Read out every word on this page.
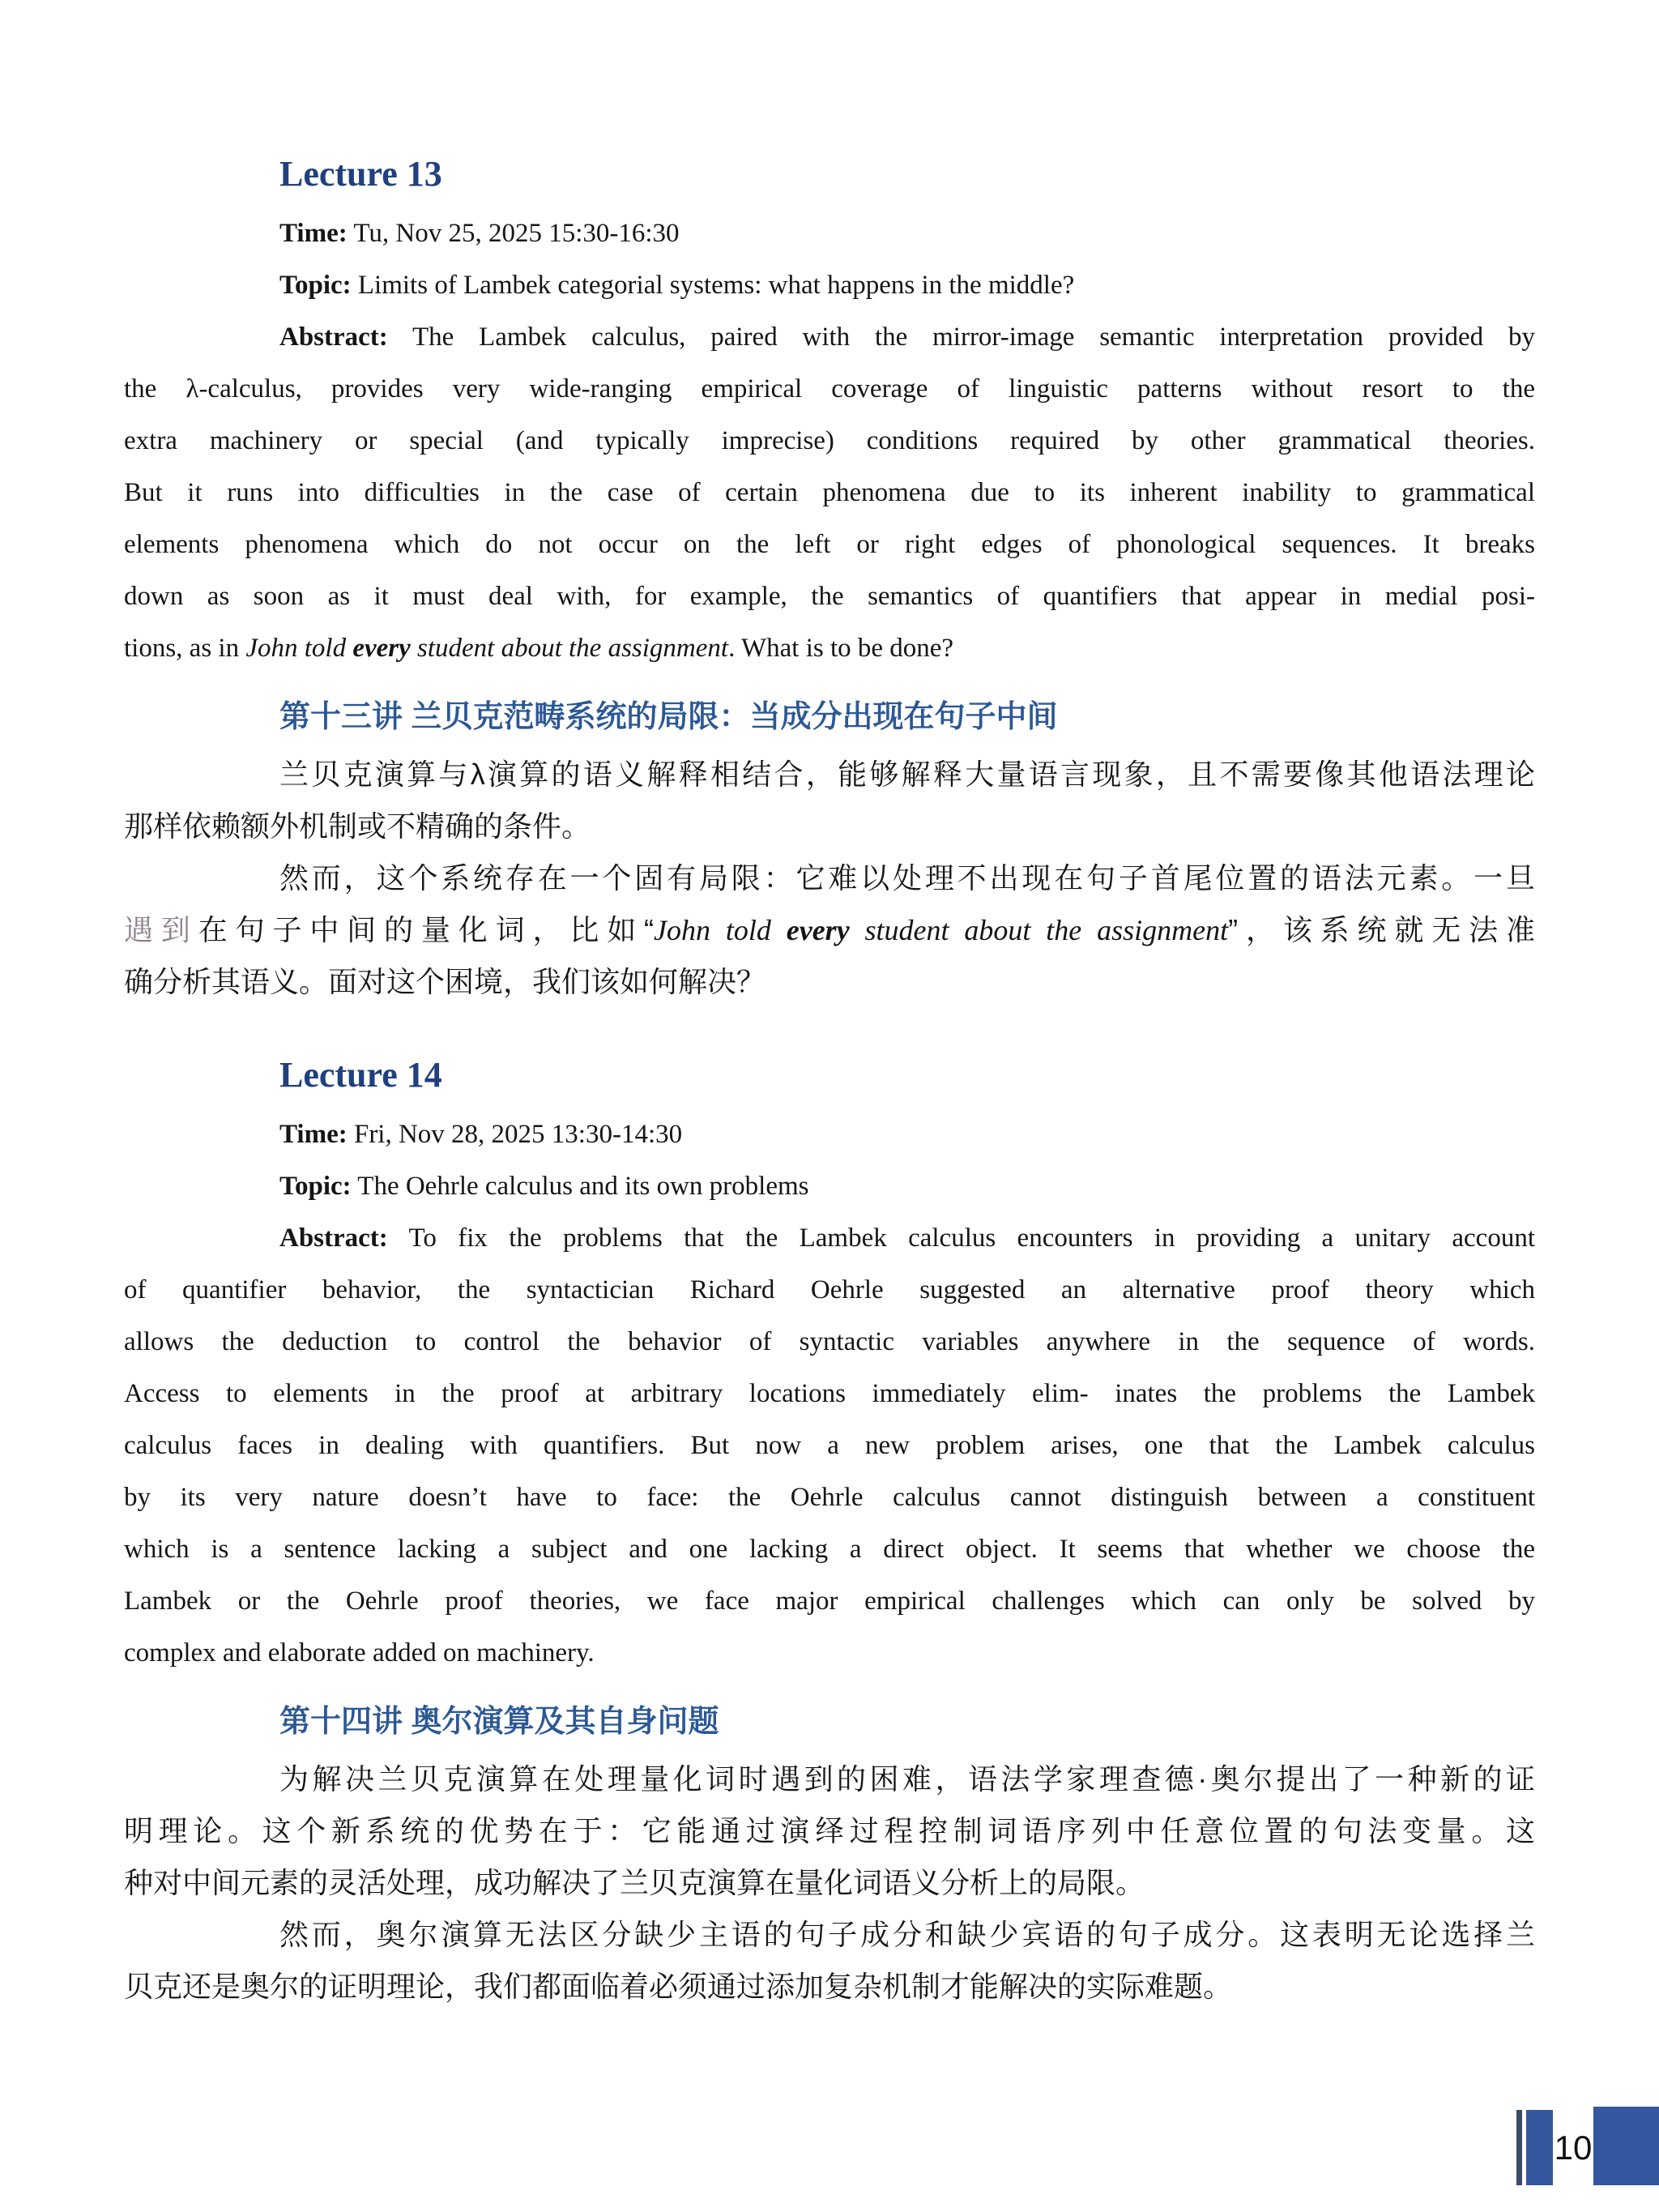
Lecture 13
Time: Tu, Nov 25, 2025 15:30-16:30
Topic: Limits of Lambek categorial systems: what happens in the middle?
Abstract: The Lambek calculus, paired with the mirror-image semantic interpretation provided by
the λ-calculus, provides very wide-ranging empirical coverage of linguistic patterns without resort to the
extra machinery or special (and typically imprecise) conditions required by other grammatical theories.
But it runs into difficulties in the case of certain phenomena due to its inherent inability to grammatical
elements phenomena which do not occur on the left or right edges of phonological sequences. It breaks
down as soon as it must deal with, for example, the semantics of quantifiers that appear in medial posi-
tions, as in John told every student about the assignment. What is to be done?
第十三讲 兰贝克范畴系统的局限：当成分出现在句子中间
兰贝克演算与λ演算的语义解释相结合，能够解释大量语言现象，且不需要像其他语法理论
那样依赖额外机制或不精确的条件。
然而，这个系统存在一个固有局限：它难以处理不出现在句子首尾位置的语法元素。一旦
遇到在句子中间的量化词，比如“John told every student about the assignment”，该系统就无法准
确分析其语义。面对这个困境，我们该如何解决？
Lecture 14
Time: Fri, Nov 28, 2025 13:30-14:30
Topic: The Oehrle calculus and its own problems
Abstract: To fix the problems that the Lambek calculus encounters in providing a unitary account
of quantifier behavior, the syntactician Richard Oehrle suggested an alternative proof theory which
allows the deduction to control the behavior of syntactic variables anywhere in the sequence of words.
Access to elements in the proof at arbitrary locations immediately elim- inates the problems the Lambek
calculus faces in dealing with quantifiers. But now a new problem arises, one that the Lambek calculus
by its very nature doesn’t have to face: the Oehrle calculus cannot distinguish between a constituent
which is a sentence lacking a subject and one lacking a direct object. It seems that whether we choose the
Lambek or the Oehrle proof theories, we face major empirical challenges which can only be solved by
complex and elaborate added on machinery.
第十四讲 奥尔演算及其自身问题
为解决兰贝克演算在处理量化词时遇到的困难，语法学家理查德·奥尔提出了一种新的证
明理论。这个新系统的优势在于：它能通过演绎过程控制词语序列中任意位置的句法变量。这
种对中间元素的灵活处理，成功解决了兰贝克演算在量化词语义分析上的局限。
然而，奥尔演算无法区分缺少主语的句子成分和缺少宾语的句子成分。这表明无论选择兰
贝克还是奥尔的证明理论，我们都面临着必须通过添加复杂机制才能解决的实际难题。
10
